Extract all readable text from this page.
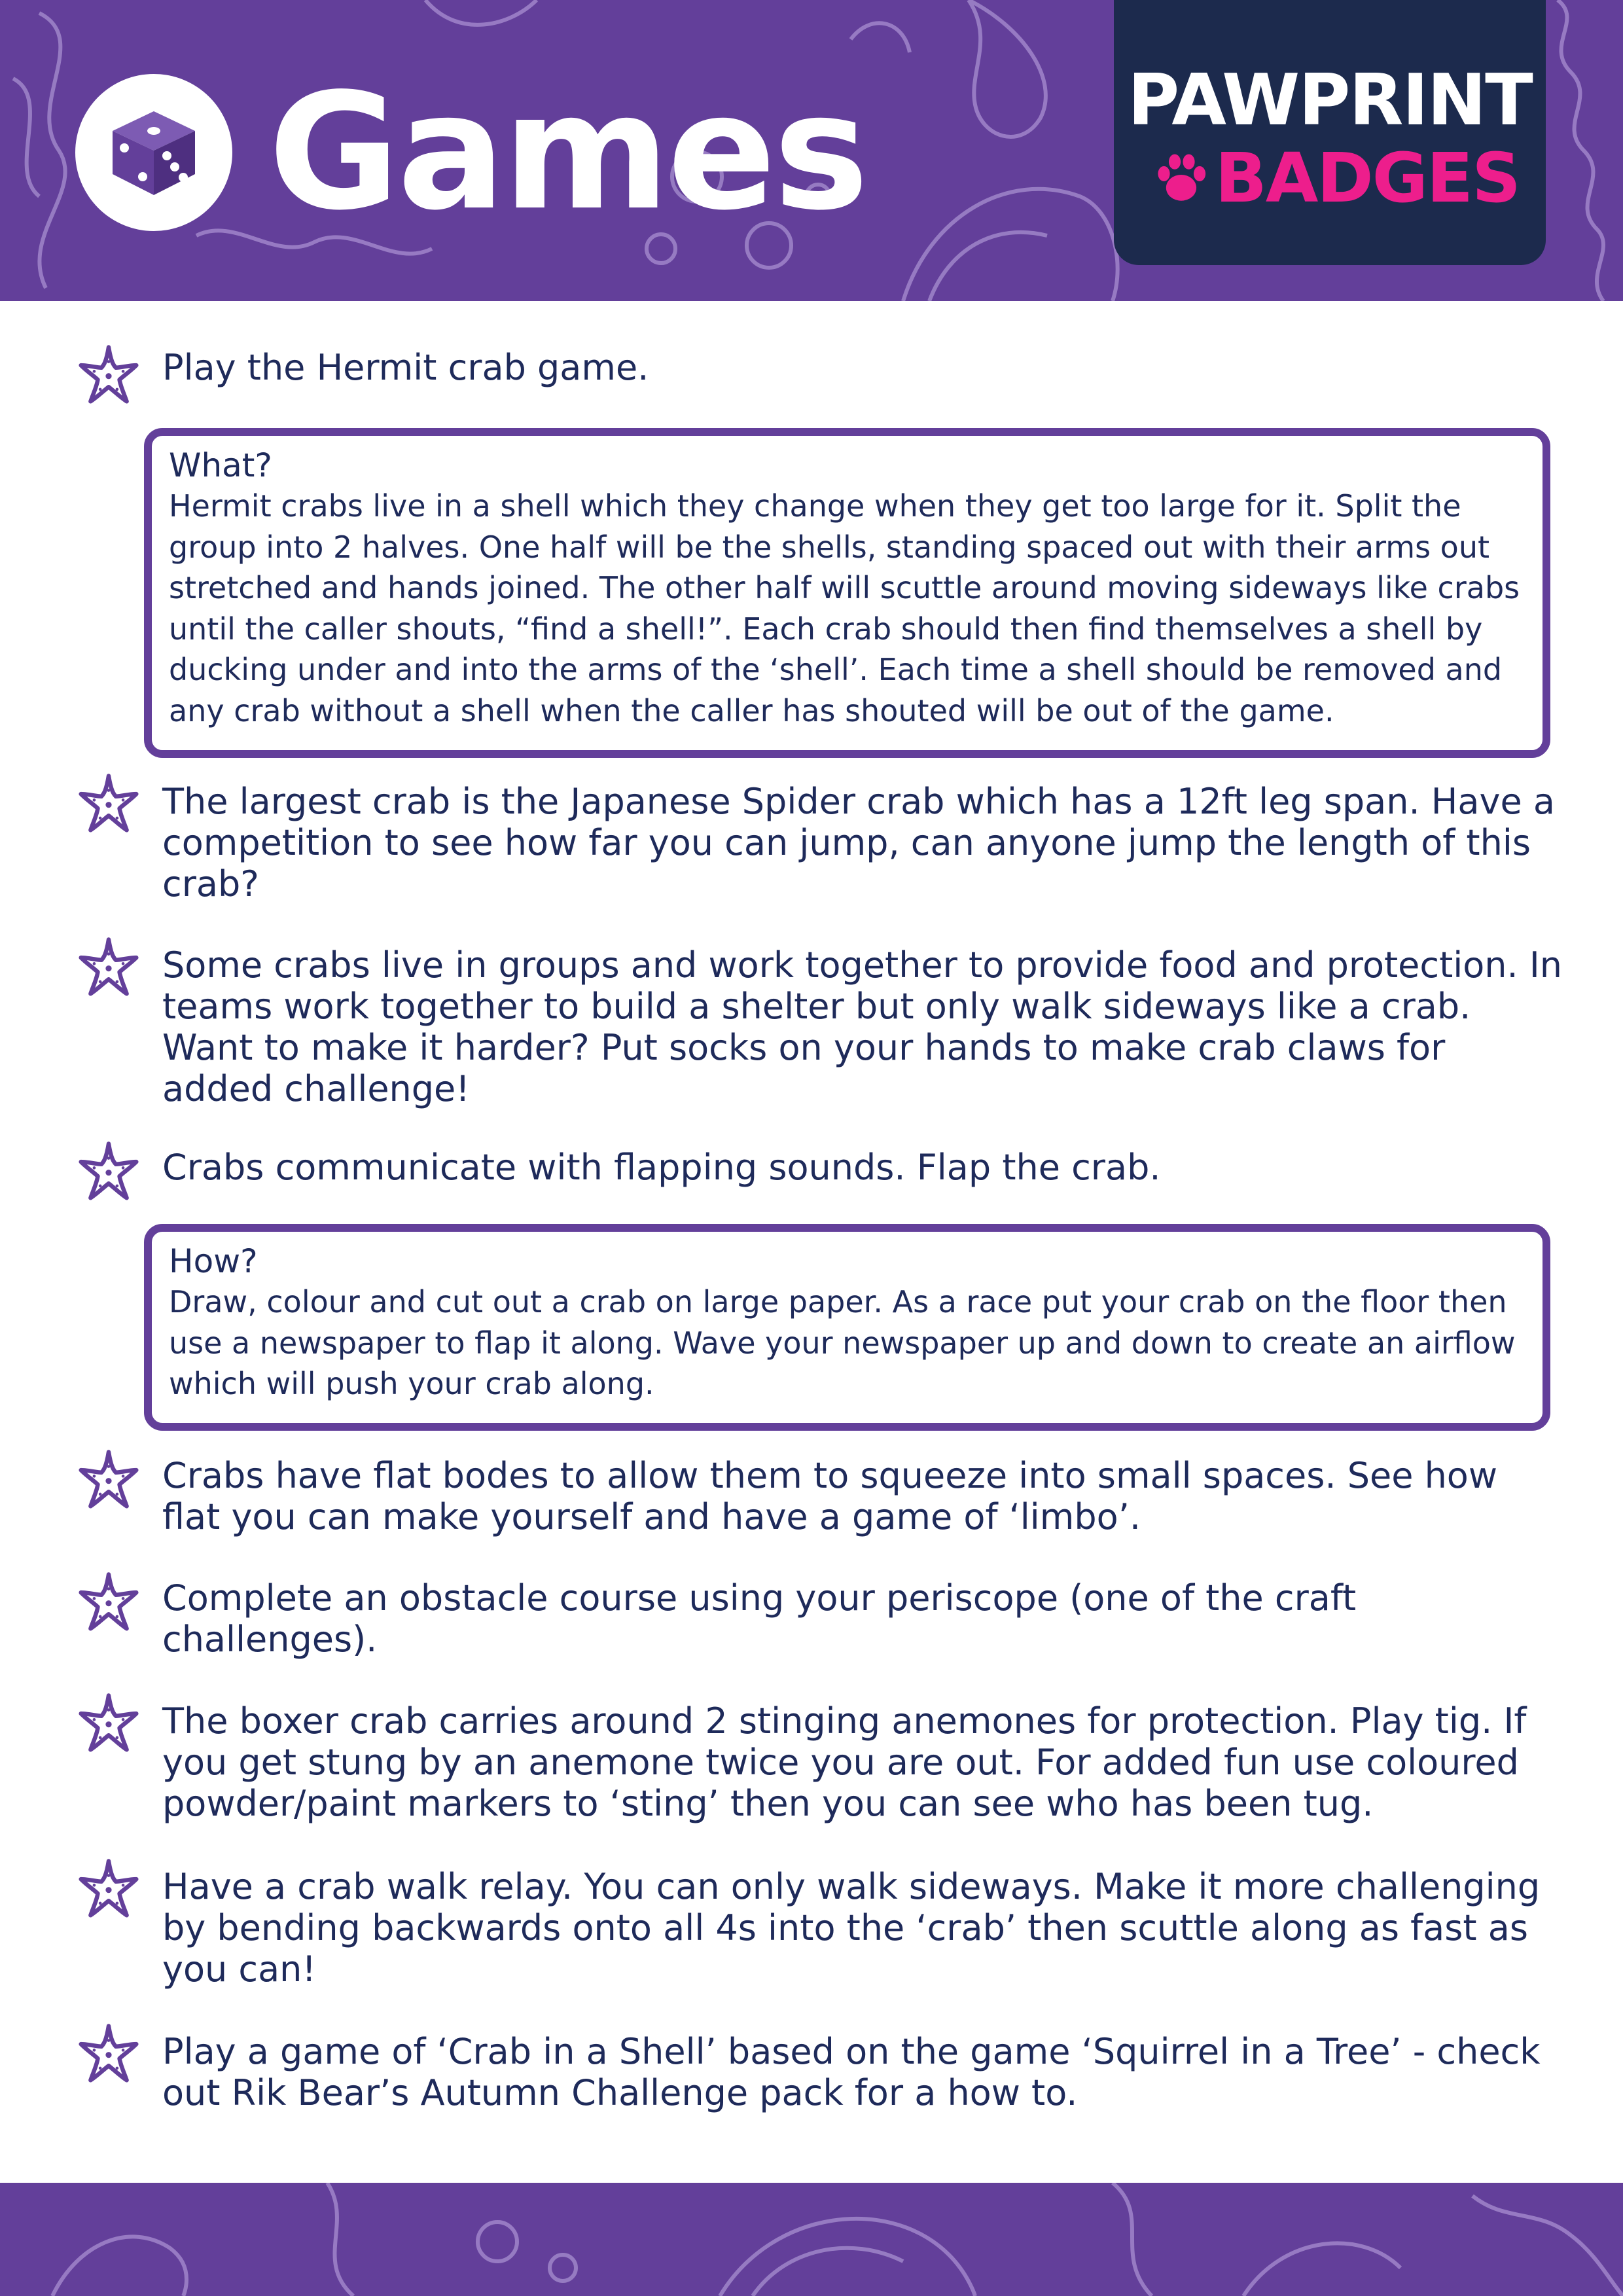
Games	PAWPRINT
BADGES
Play the Hermit crab game.
What?
Hermit crabs live in a shell which they change when they get too large for it. Split the group into 2 halves. One half will be the shells, standing spaced out with their arms out stretched and hands joined. The other half will scuttle around moving sideways like crabs until the caller shouts, “find a shell!”. Each crab should then find themselves a shell by ducking under and into the arms of the ‘shell’. Each time a shell should be removed and any crab without a shell when the caller has shouted will be out of the game.
The largest crab is the Japanese Spider crab which has a 12ft leg span. Have a competition to see how far you can jump, can anyone jump the length of this crab?
Some crabs live in groups and work together to provide food and protection. In teams work together to build a shelter but only walk sideways like a crab. Want to make it harder? Put socks on your hands to make crab claws for added challenge!
Crabs communicate with flapping sounds. Flap the crab.
How?
Draw, colour and cut out a crab on large paper. As a race put your crab on the floor then use a newspaper to flap it along. Wave your newspaper up and down to create an airflow which will push your crab along.
Crabs have flat bodes to allow them to squeeze into small spaces. See how flat you can make yourself and have a game of ‘limbo’.
Complete an obstacle course using your periscope (one of the craft challenges).
The boxer crab carries around 2 stinging anemones for protection. Play tig. If you get stung by an anemone twice you are out. For added fun use coloured powder/paint markers to ‘sting’ then you can see who has been tug.
Have a crab walk relay. You can only walk sideways. Make it more challenging by bending backwards onto all 4s into the ‘crab’ then scuttle along as fast as you can!
Play a game of ‘Crab in a Shell’ based on the game ‘Squirrel in a Tree’ - check out Rik Bear’s Autumn Challenge pack for a how to.
